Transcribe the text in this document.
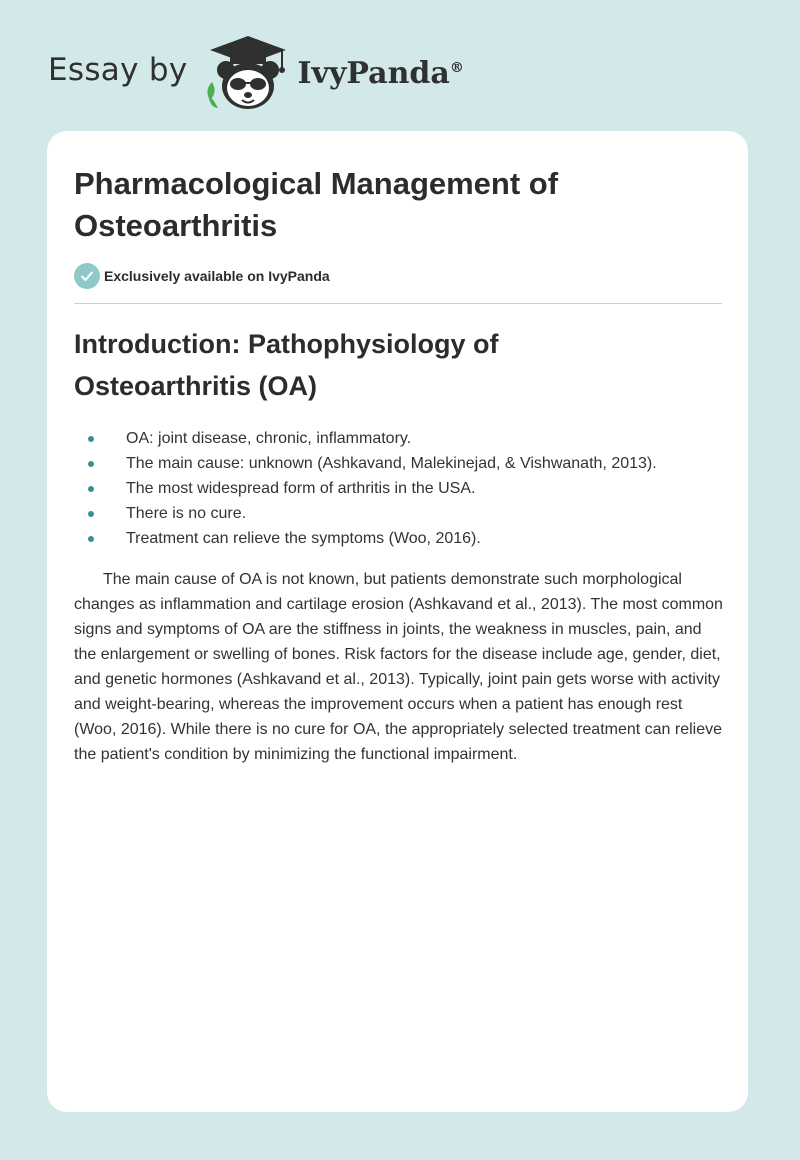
Essay by	IvyPanda®
Pharmacological Management of Osteoarthritis
Exclusively available on IvyPanda
Introduction: Pathophysiology of Osteoarthritis (OA)
OA: joint disease, chronic, inflammatory.
The main cause: unknown (Ashkavand, Malekinejad, & Vishwanath, 2013).
The most widespread form of arthritis in the USA.
There is no cure.
Treatment can relieve the symptoms (Woo, 2016).

The main cause of OA is not known, but patients demonstrate such morphological changes as inflammation and cartilage erosion (Ashkavand et al., 2013). The most common signs and symptoms of OA are the stiffness in joints, the weakness in muscles, pain, and the enlargement or swelling of bones. Risk factors for the disease include age, gender, diet, and genetic hormones (Ashkavand et al., 2013). Typically, joint pain gets worse with activity and weight-bearing, whereas the improvement occurs when a patient has enough rest (Woo, 2016). While there is no cure for OA, the appropriately selected treatment can relieve the patient's condition by minimizing the functional impairment.
